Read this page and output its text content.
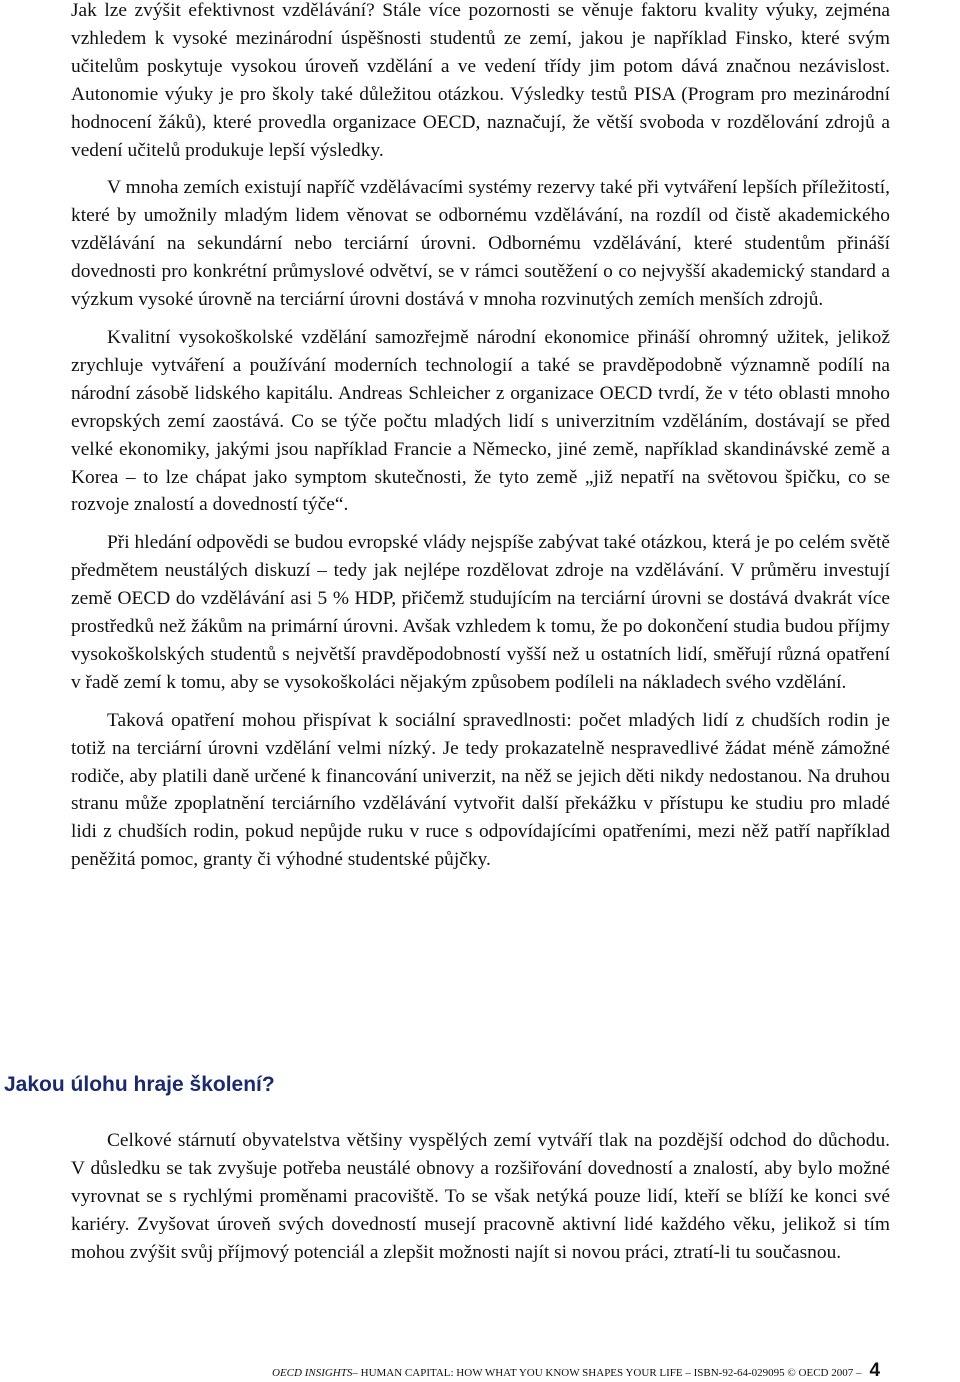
Jak lze zvýšit efektivnost vzdělávání? Stále více pozornosti se věnuje faktoru kvality výuky, zejména vzhledem k vysoké mezinárodní úspěšnosti studentů ze zemí, jakou je například Finsko, které svým učitelům poskytuje vysokou úroveň vzdělání a ve vedení třídy jim potom dává značnou nezávislost. Autonomie výuky je pro školy také důležitou otázkou. Výsledky testů PISA (Program pro mezinárodní hodnocení žáků), které provedla organizace OECD, naznačují, že větší svoboda v rozdělování zdrojů a vedení učitelů produkuje lepší výsledky.

V mnoha zemích existují napříč vzdělávacími systémy rezervy také při vytváření lepších příležitostí, které by umožnily mladým lidem věnovat se odbornému vzdělávání, na rozdíl od čistě akademického vzdělávání na sekundární nebo terciární úrovni. Odbornému vzdělávání, které studentům přináší dovednosti pro konkrétní průmyslové odvětví, se v rámci soutěžení o co nejvyšší akademický standard a výzkum vysoké úrovně na terciární úrovni dostává v mnoha rozvinutých zemích menších zdrojů.

Kvalitní vysokoškolské vzdělání samozřejmě národní ekonomice přináší ohromný užitek, jelikož zrychluje vytváření a používání moderních technologií a také se pravděpodobně významně podílí na národní zásobě lidského kapitálu. Andreas Schleicher z organizace OECD tvrdí, že v této oblasti mnoho evropských zemí zaostává. Co se týče počtu mladých lidí s univerzitním vzděláním, dostávají se před velké ekonomiky, jakými jsou například Francie a Německo, jiné země, například skandinávské země a Korea – to lze chápat jako symptom skutečnosti, že tyto země „již nepatří na světovou špičku, co se rozvoje znalostí a dovedností týče“.

Při hledání odpovědi se budou evropské vlády nejspíše zabývat také otázkou, která je po celém světě předmětem neustálých diskuzí – tedy jak nejlépe rozdělovat zdroje na vzdělávání. V průměru investují země OECD do vzdělávání asi 5 % HDP, přičemž studujícím na terciární úrovni se dostává dvakrát více prostředků než žákům na primární úrovni. Avšak vzhledem k tomu, že po dokončení studia budou příjmy vysokoškolských studentů s největší pravděpodobností vyšší než u ostatních lidí, směřují různá opatření v řadě zemí k tomu, aby se vysokoškoláci nějakým způsobem podíleli na nákladech svého vzdělání.

Taková opatření mohou přispívat k sociální spravedlnosti: počet mladých lidí z chudších rodin je totiž na terciární úrovni vzdělání velmi nízký. Je tedy prokazatelně nespravedlivé žádat méně zámožné rodiče, aby platili daně určené k financování univerzit, na něž se jejich děti nikdy nedostanou. Na druhou stranu může zpoplatnění terciárního vzdělávání vytvořit další překážku v přístupu ke studiu pro mladé lidi z chudších rodin, pokud nepůjde ruku v ruce s odpovídajícími opatřeními, mezi něž patří například peněžitá pomoc, granty či výhodné studentské půjčky.

Jakou úlohu hraje školení?

Celkové stárnutí obyvatelstva většiny vyspělých zemí vytváří tlak na pozdější odchod do důchodu. V důsledku se tak zvyšuje potřeba neustálé obnovy a rozšiřování dovedností a znalostí, aby bylo možné vyrovnat se s rychlými proměnami pracoviště. To se však netýká pouze lidí, kteří se blíží ke konci své kariéry. Zvyšovat úroveň svých dovedností musejí pracovně aktivní lidé každého věku, jelikož si tím mohou zvýšit svůj příjmový potenciál a zlepšit možnosti najít si novou práci, ztratí-li tu současnou.

OECD INSIGHTS – HUMAN CAPITAL: HOW WHAT YOU KNOW SHAPES YOUR LIFE – ISBN-92-64-029095 © OECD 2007 – 4
